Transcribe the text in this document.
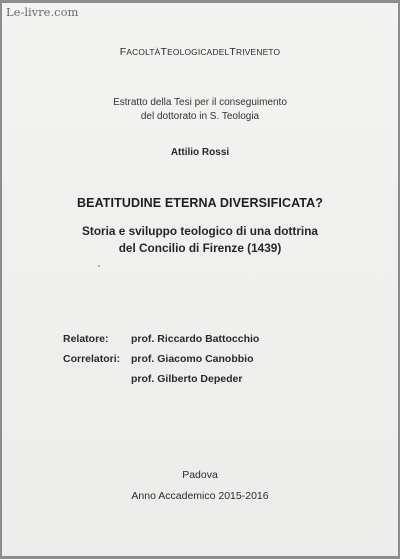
Le-livre.com
FACOLTÀTEOLOGICADELTRIVENETO
Estratto della Tesi per il conseguimento
del dottorato in S. Teologia
Attilio Rossi
BEATITUDINE ETERNA DIVERSIFICATA?
Storia e sviluppo teologico di una dottrina
del Concilio di Firenze (1439)
Relatore: prof. Riccardo Battocchio
Correlatori: prof. Giacomo Canobbio
prof. Gilberto Depeder
Padova
Anno Accademico 2015-2016
